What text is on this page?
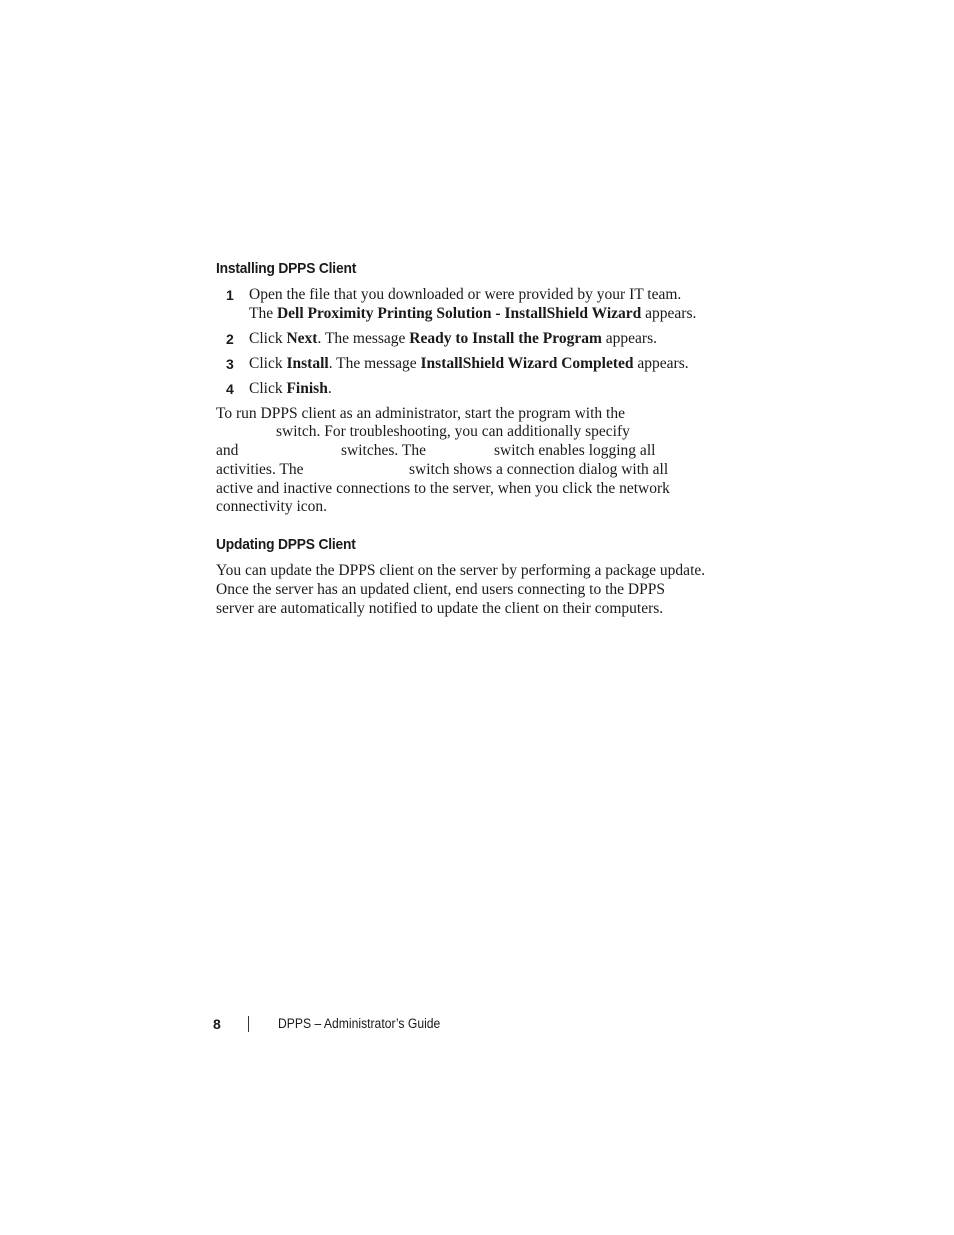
Installing DPPS Client
1 Open the file that you downloaded or were provided by your IT team.
The Dell Proximity Printing Solution - InstallShield Wizard appears.
2 Click Next. The message Ready to Install the Program appears.
3 Click Install. The message InstallShield Wizard Completed appears.
4 Click Finish.
To run DPPS client as an administrator, start the program with the
switch. For troubleshooting, you can additionally specify
and	switches. The	switch enables logging all
activities. The	switch shows a connection dialog with all
active and inactive connections to the server, when you click the network
connectivity icon.
Updating DPPS Client
You can update the DPPS client on the server by performing a package update.
Once the server has an updated client, end users connecting to the DPPS
server are automatically notified to update the client on their computers.
8	DPPS – Administrator’s Guide
